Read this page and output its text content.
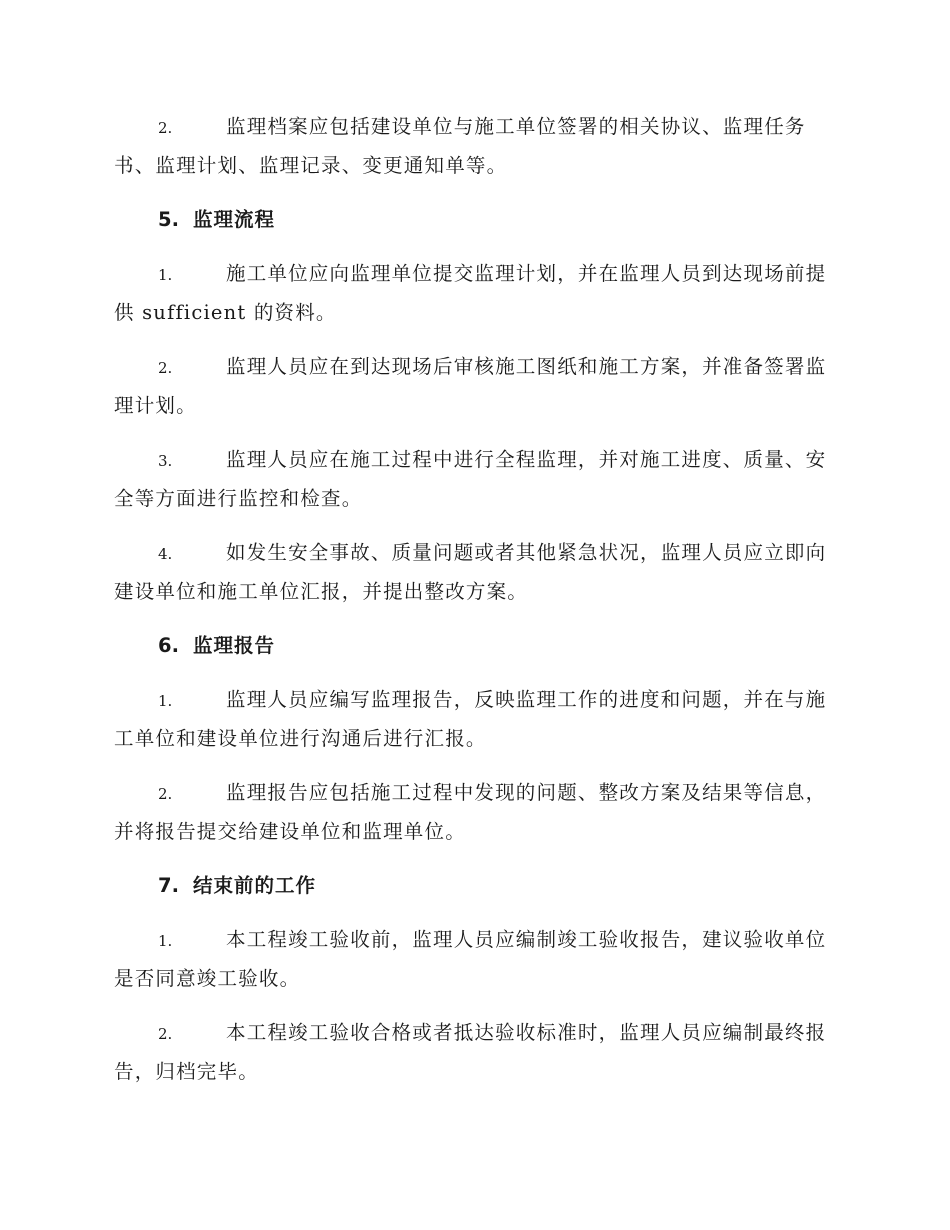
2.	监理档案应包括建设单位与施工单位签署的相关协议、监理任务书、监理计划、监理记录、变更通知单等。

5. 监理流程

1.	施工单位应向监理单位提交监理计划，并在监理人员到达现场前提供 sufficient 的资料。

2.	监理人员应在到达现场后审核施工图纸和施工方案，并准备签署监理计划。

3.	监理人员应在施工过程中进行全程监理，并对施工进度、质量、安全等方面进行监控和检查。

4.	如发生安全事故、质量问题或者其他紧急状况，监理人员应立即向建设单位和施工单位汇报，并提出整改方案。

6. 监理报告

1.	监理人员应编写监理报告，反映监理工作的进度和问题，并在与施工单位和建设单位进行沟通后进行汇报。

2.	监理报告应包括施工过程中发现的问题、整改方案及结果等信息，并将报告提交给建设单位和监理单位。

7. 结束前的工作

1.	本工程竣工验收前，监理人员应编制竣工验收报告，建议验收单位是否同意竣工验收。

2.	本工程竣工验收合格或者抵达验收标准时，监理人员应编制最终报告，归档完毕。
